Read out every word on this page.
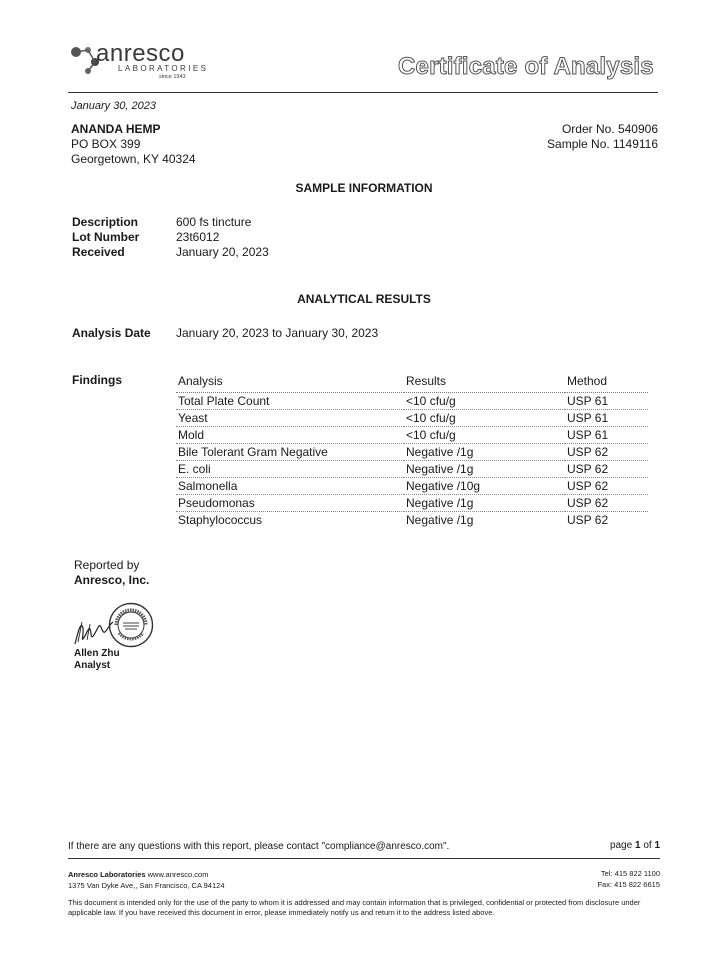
anresco
LABORATORIES
since 1943	Certificate of Analysis
January 30, 2023
ANANDA HEMP
PO BOX 399
Georgetown, KY 40324
Order No. 540906
Sample No. 1149116
SAMPLE INFORMATION
Description	600 fs tincture
Lot Number	23t6012
Received	January 20, 2023
ANALYTICAL RESULTS
Analysis Date January 20, 2023 to January 30, 2023
Findings	Analysis	Results	Method
Total Plate Count	<10 cfu/g	USP 61
Yeast	<10 cfu/g	USP 61
Mold	<10 cfu/g	USP 61
Bile Tolerant Gram Negative	Negative /1g	USP 62
E. coli	Negative /1g	USP 62
Salmonella	Negative /10g	USP 62
Pseudomonas	Negative /1g	USP 62
Staphylococcus	Negative /1g	USP 62
Reported by
Anresco, Inc.
Allen Zhu
Analyst
If there are any questions with this report, please contact "compliance@anresco.com".	page 1 of 1
Anresco Laboratories www.anresco.com
1375 Van Dyke Ave,, San Francisco, CA 94124
Tel: 415 822 1100
Fax: 415 822 6615
This document is intended only for the use of the party to whom it is addressed and may contain information that is privileged, confidential or protected from disclosure under applicable law. If you have received this document in error, please immediately notify us and return it to the address listed above.
